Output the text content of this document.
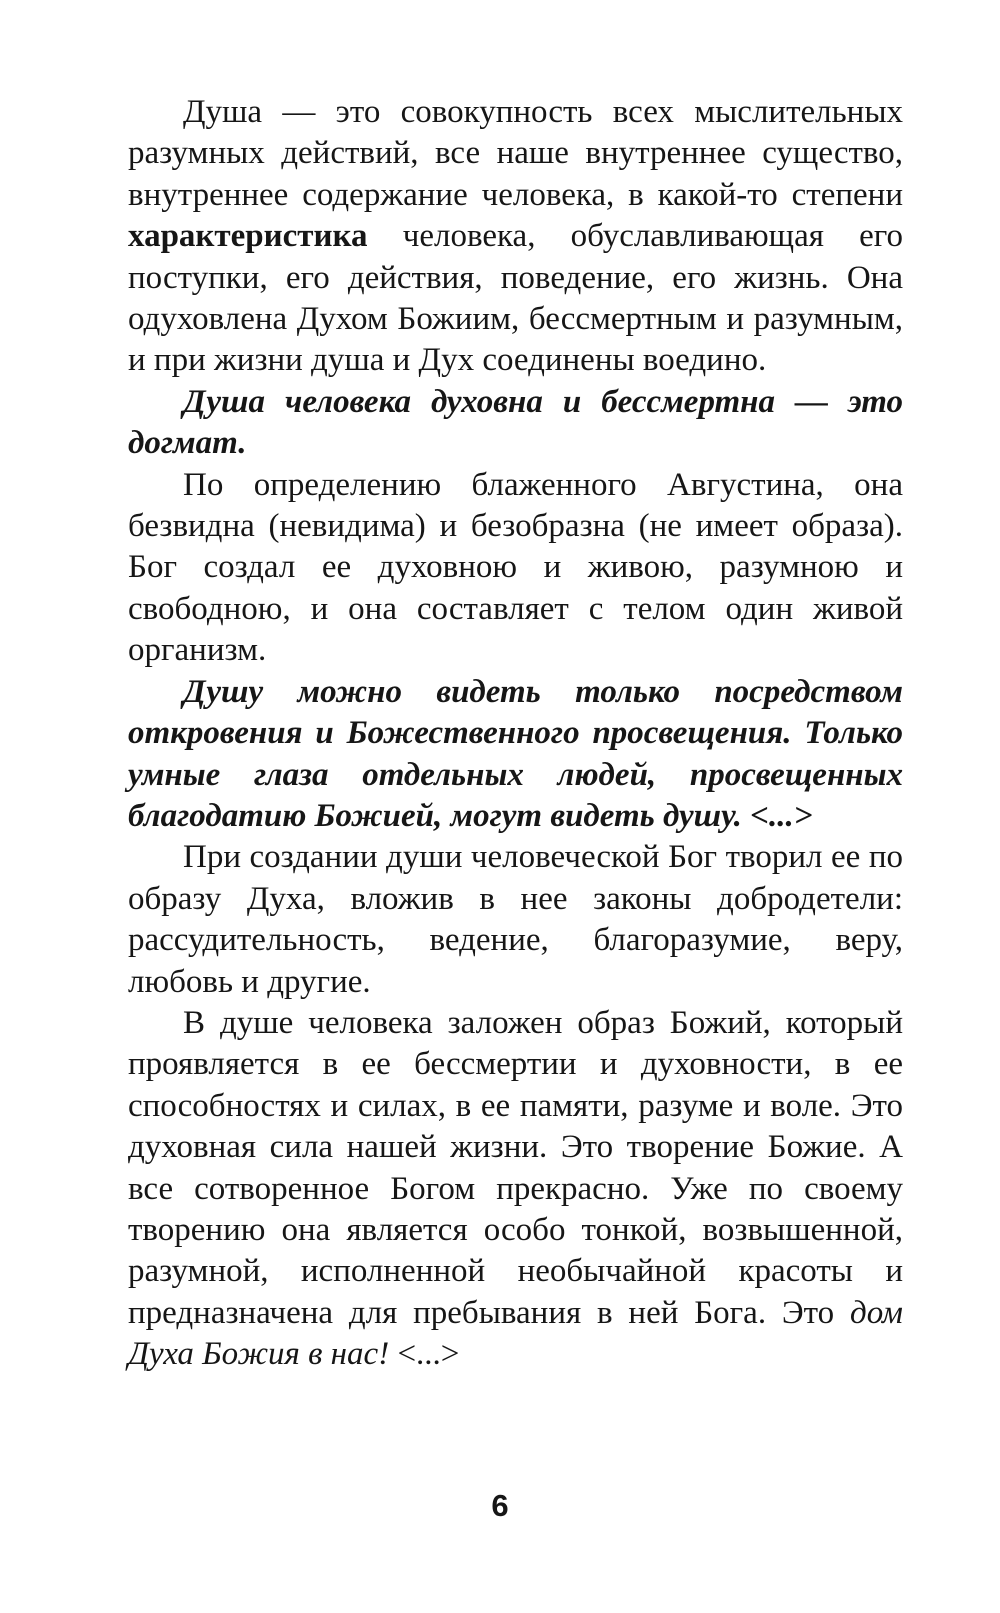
Душа — это совокупность всех мыслительных разумных действий, все наше внутреннее существо, внутреннее содержание человека, в какой-то степени характеристика человека, обуславливающая его поступки, его действия, поведение, его жизнь. Она одуховлена Духом Божиим, бессмертным и разумным, и при жизни душа и Дух соединены воедино.

Душа человека духовна и бессмертна — это догмат.

По определению блаженного Августина, она безвидна (невидима) и безобразна (не имеет образа). Бог создал ее духовною и живою, разумною и свободною, и она составляет с телом один живой организм.

Душу можно видеть только посредством откровения и Божественного просвещения. Только умные глаза отдельных людей, просвещенных благодатию Божией, могут видеть душу. <...>

При создании души человеческой Бог творил ее по образу Духа, вложив в нее законы добродетели: рассудительность, ведение, благоразумие, веру, любовь и другие.

В душе человека заложен образ Божий, который проявляется в ее бессмертии и духовности, в ее способностях и силах, в ее памяти, разуме и воле. Это духовная сила нашей жизни. Это творение Божие. А все сотворенное Богом прекрасно. Уже по своему творению она является особо тонкой, возвышенной, разумной, исполненной необычайной красоты и предназначена для пребывания в ней Бога. Это дом Духа Божия в нас! <...>

6
